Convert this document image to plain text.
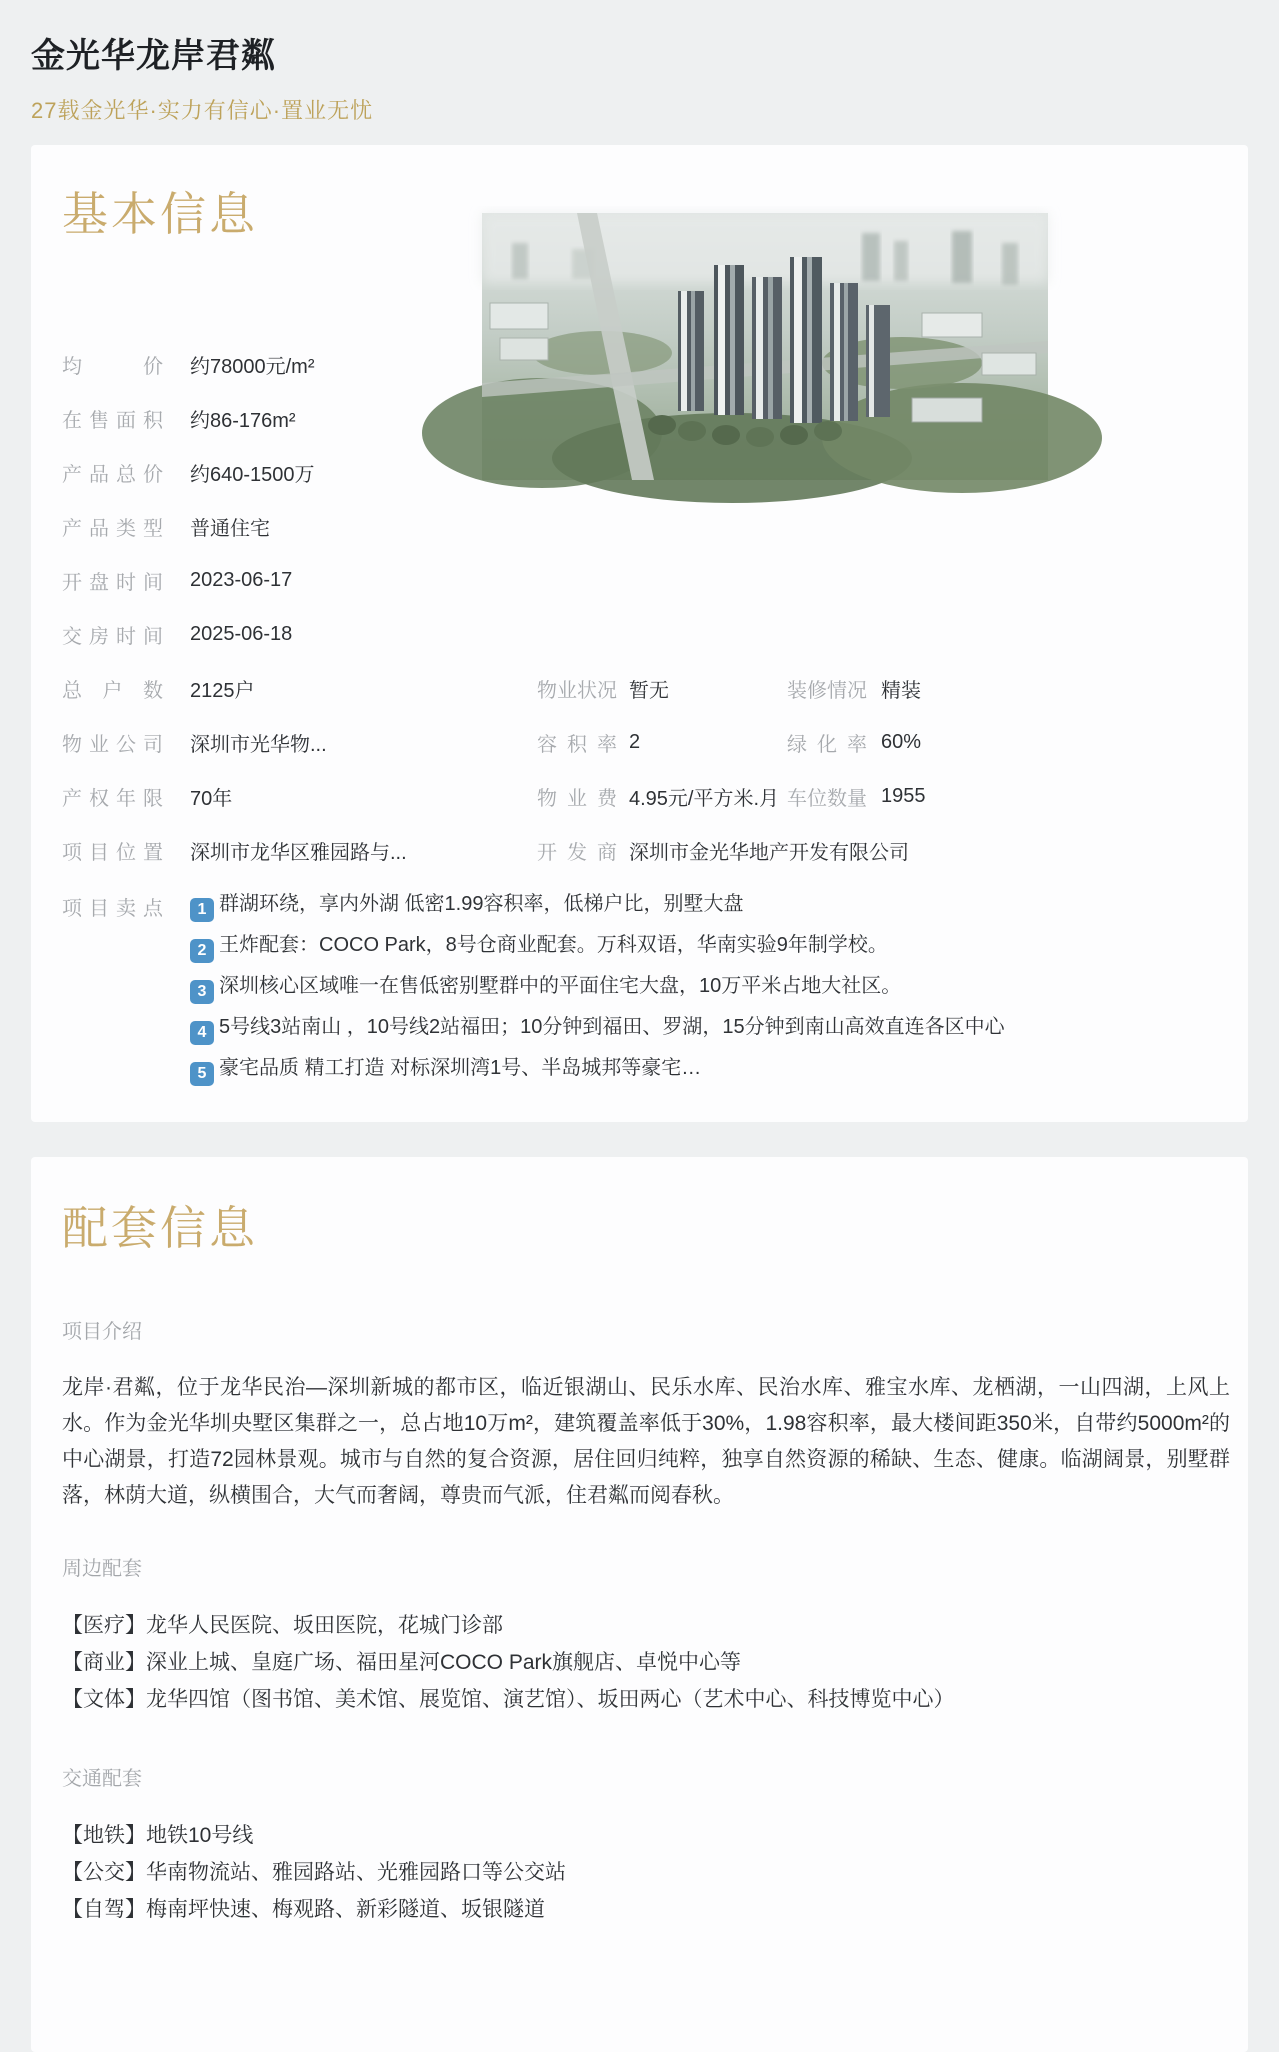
金光华龙岸君粼
27载金光华·实力有信心·置业无忧
基本信息
均价 约78000元/m²
在售面积 约86-176m²
产品总价 约640-1500万
产品类型 普通住宅
开盘时间 2023-06-17
交房时间 2025-06-18
总户数 2125户	物业状况 暂无	装修情况 精装
物业公司 深圳市光华物...	容积率 2	绿化率 60%
产权年限 70年	物业费 4.95元/平方米.月 车位数量 1955
项目位置 深圳市龙华区雅园路与...	开发商 深圳市金光华地产开发有限公司
项目卖点	1 群湖环绕，享内外湖 低密1.99容积率，低梯户比，别墅大盘
2 王炸配套：COCO Park，8号仓商业配套。万科双语，华南实验9年制学校。
3 深圳核心区域唯一在售低密别墅群中的平面住宅大盘，10万平米占地大社区。
4 5号线3站南山 ，10号线2站福田；10分钟到福田、罗湖，15分钟到南山高效直连各区中心
5 豪宅品质 精工打造 对标深圳湾1号、半岛城邦等豪宅…
配套信息
项目介绍

龙岸·君粼，位于龙华民治—深圳新城的都市区，临近银湖山、民乐水库、民治水库、雅宝水库、龙栖湖，一山四湖，上风上水。作为金光华圳央墅区集群之一，总占地10万m²，建筑覆盖率低于30%，1.98容积率，最大楼间距350米，自带约5000m²的中心湖景，打造72园林景观。城市与自然的复合资源，居住回归纯粹，独享自然资源的稀缺、生态、健康。临湖阔景，别墅群落，林荫大道，纵横围合，大气而奢阔，尊贵而气派，住君粼而阅春秋。

周边配套
【医疗】龙华人民医院、坂田医院，花城门诊部
【商业】深业上城、皇庭广场、福田星河COCO Park旗舰店、卓悦中心等
【文体】龙华四馆（图书馆、美术馆、展览馆、演艺馆）、坂田两心（艺术中心、科技博览中心）
交通配套
【地铁】地铁10号线
【公交】华南物流站、雅园路站、光雅园路口等公交站
【自驾】梅南坪快速、梅观路、新彩隧道、坂银隧道
